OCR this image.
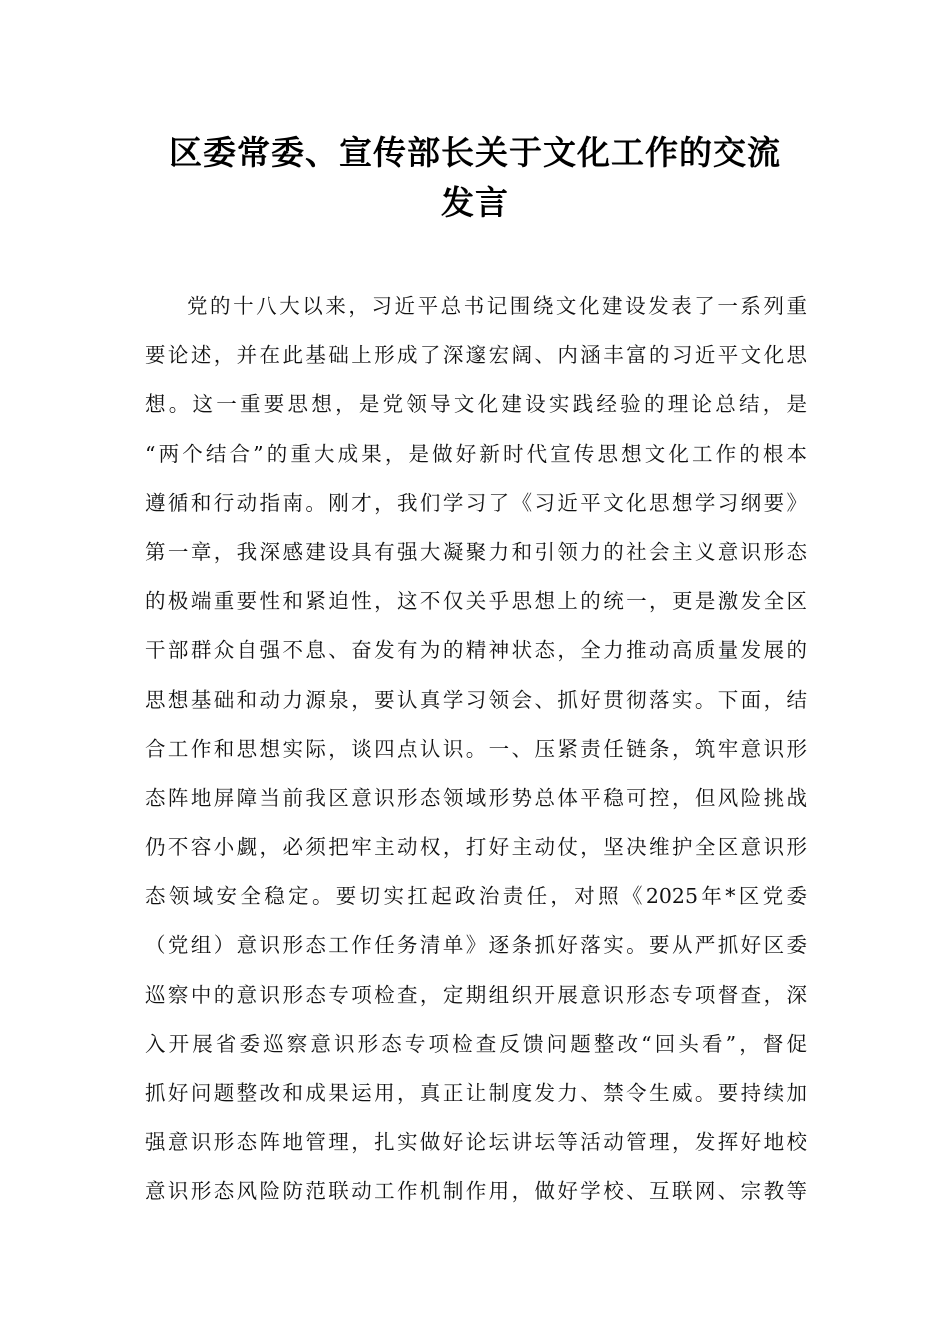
区委常委、宣传部长关于文化工作的交流
发言
党的十八大以来，习近平总书记围绕文化建设发表了一系列重
要论述，并在此基础上形成了深邃宏阔、内涵丰富的习近平文化思
想。这一重要思想，是党领导文化建设实践经验的理论总结，是
“两个结合”的重大成果，是做好新时代宣传思想文化工作的根本
遵循和行动指南。刚才，我们学习了《习近平文化思想学习纲要》
第一章，我深感建设具有强大凝聚力和引领力的社会主义意识形态
的极端重要性和紧迫性，这不仅关乎思想上的统一，更是激发全区
干部群众自强不息、奋发有为的精神状态，全力推动高质量发展的
思想基础和动力源泉，要认真学习领会、抓好贯彻落实。下面，结
合工作和思想实际，谈四点认识。一、压紧责任链条，筑牢意识形
态阵地屏障当前我区意识形态领域形势总体平稳可控，但风险挑战
仍不容小觑，必须把牢主动权，打好主动仗，坚决维护全区意识形
态领域安全稳定。要切实扛起政治责任，对照《2025年*区党委
（党组）意识形态工作任务清单》逐条抓好落实。要从严抓好区委
巡察中的意识形态专项检查，定期组织开展意识形态专项督查，深
入开展省委巡察意识形态专项检查反馈问题整改“回头看”，督促
抓好问题整改和成果运用，真正让制度发力、禁令生威。要持续加
强意识形态阵地管理，扎实做好论坛讲坛等活动管理，发挥好地校
意识形态风险防范联动工作机制作用，做好学校、互联网、宗教等
